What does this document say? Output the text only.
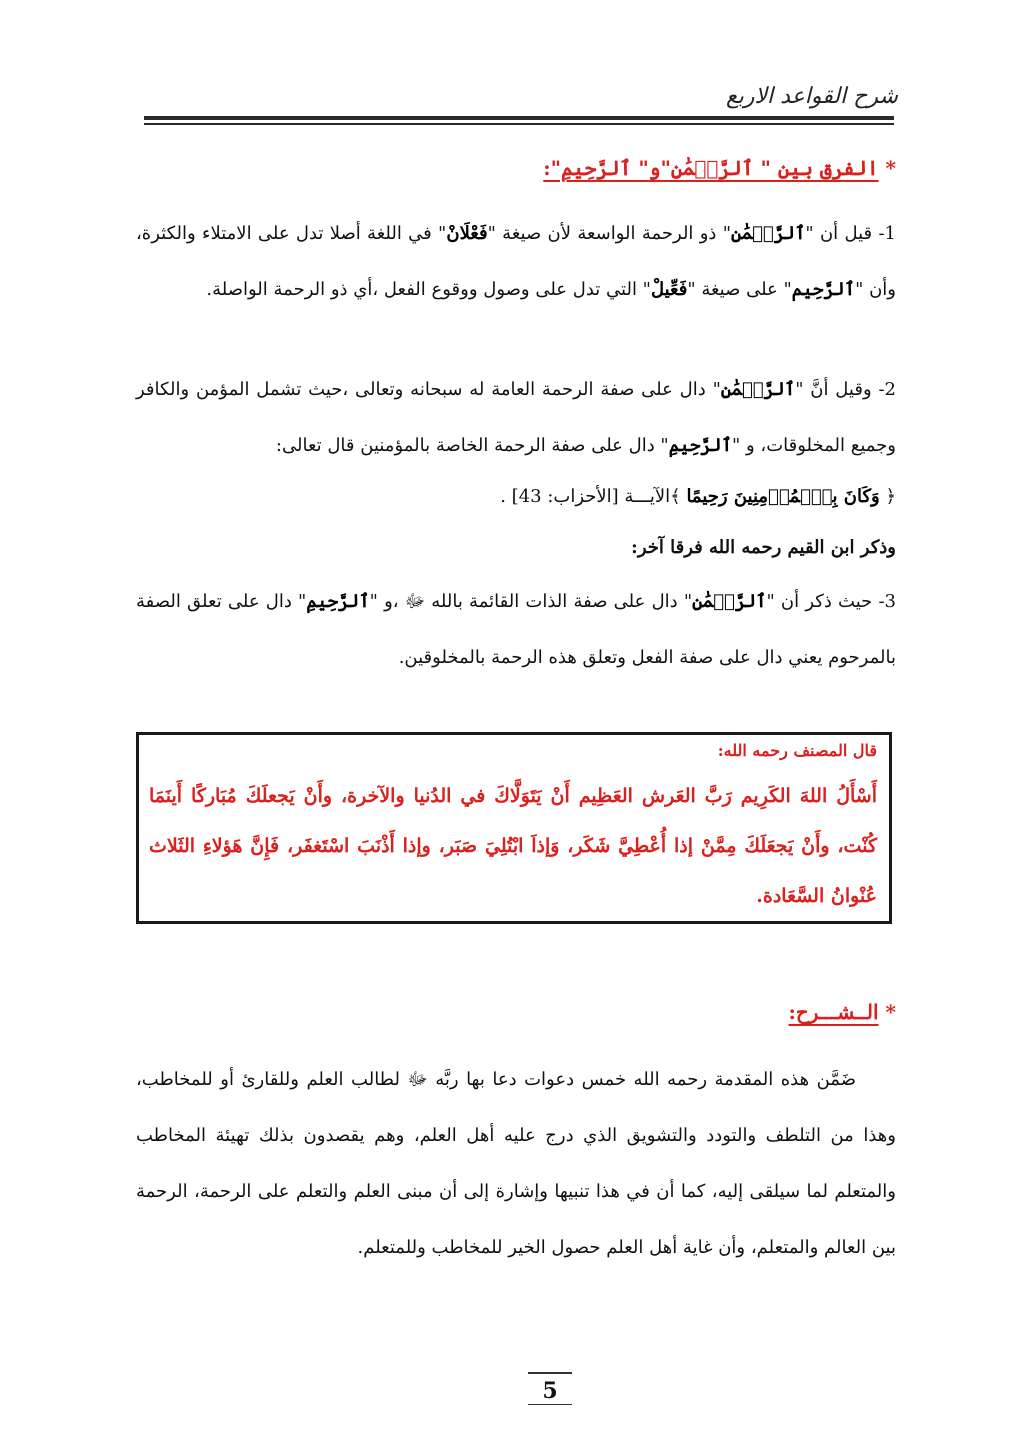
شرح القواعد الاربع
* الفرق بين " ٱلرَّحۡمَٰنِ"و" ٱلرَّحِيمِ":
1- قيل أن "ٱلرَّحۡمَٰنِ" ذو الرحمة الواسعة لأن صيغة "فَعْلَانْ" في اللغة أصلا تدل على الامتلاء والكثرة، وأن "ٱلرَّحِيم" على صيغة "فَعِّيلْ" التي تدل على وصول ووقوع الفعل ،أي ذو الرحمة الواصلة.
2- وقيل أنَّ "ٱلرَّحۡمَٰنِ" دال على صفة الرحمة العامة له سبحانه وتعالى ،حيث تشمل المؤمن والكافر وجميع المخلوقات، و "ٱلرَّحِيمِ" دال على صفة الرحمة الخاصة بالمؤمنين قال تعالى:
﴿ وَكَانَ بِٱلۡمُؤۡمِنِينَ رَحِيمًا ﴾الآيـــة [الأحزاب: 43] .
وذكر ابن القيم رحمه الله فرقا آخر:
3- حيث ذكر أن "ٱلرَّحۡمَٰنِ" دال على صفة الذات القائمة بالله ﷻ ،و "ٱلرَّحِيمِ" دال على تعلق الصفة بالمرحوم يعني دال على صفة الفعل وتعلق هذه الرحمة بالمخلوقين.
قال المصنف رحمه الله:
أَسْأَلُ اللهَ الكَرِيم رَبَّ العَرش العَظِيم أَنْ يَتَوَلَّاكَ في الدُنيا والآخرة، وأَنْ يَجعلَكَ مُبَاركًا أَينَمَا كُنْت، وأَنْ يَجعَلَكَ مِمَّنْ إذا أُعْطِيَّ شَكَر، وَإذاَ ابْتُلِيَ صَبَر، وإذا أَذْنَبَ اسْتَغفَر، فَإِنَّ هَؤلاءِ الثَلاث عُنْوانُ السَّعَادة.
* الــشـــرح:
ضَمَّن هذه المقدمة رحمه الله خمس دعوات دعا بها ربَّه ﷻ لطالب العلم وللقارئ أو للمخاطب، وهذا من التلطف والتودد والتشويق الذي درج عليه أهل العلم، وهم يقصدون بذلك تهيئة المخاطب والمتعلم لما سيلقى إليه، كما أن في هذا تنبيها وإشارة إلى أن مبنى العلم والتعلم على الرحمة، الرحمة بين العالم والمتعلم، وأن غاية أهل العلم حصول الخير للمخاطب وللمتعلم.
5
